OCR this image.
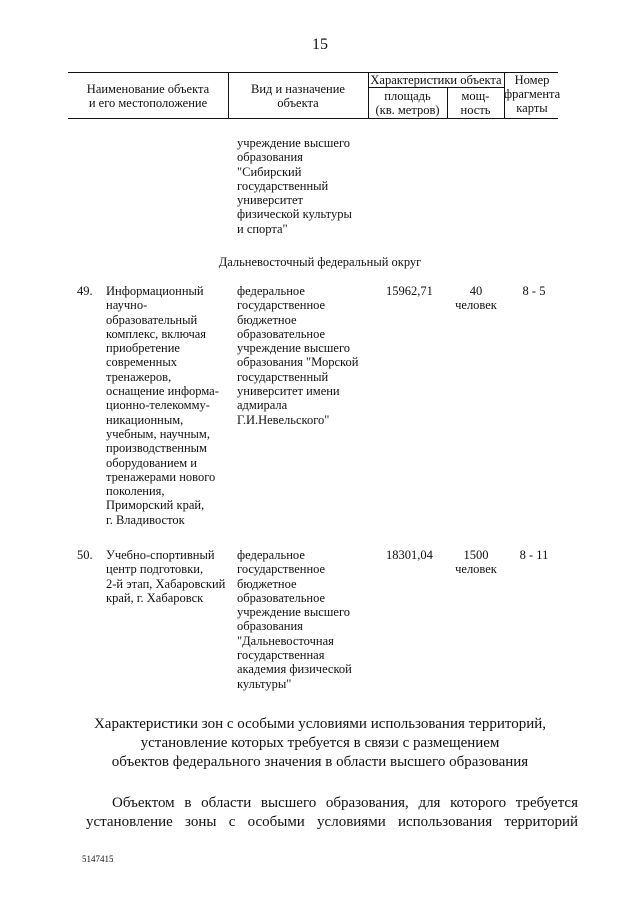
15
Наименование объекта
и его местоположение
Вид и назначение
объекта
Характеристики объекта
площадь
(кв. метров)
мощ-
ность
Номер
фрагмента
карты
учреждение высшего
образования
"Сибирский
государственный
университет
физической культуры
и спорта"
Дальневосточный федеральный округ
49. Информационный
научно-
образовательный
комплекс, включая
приобретение
современных
тренажеров,
оснащение информа-
ционно-телекомму-
никационным,
учебным, научным,
производственным
оборудованием и
тренажерами нового
поколения,
Приморский край,
г. Владивосток
федеральное
государственное
бюджетное
образовательное
учреждение высшего
образования "Морской
государственный
университет имени
адмирала
Г.И.Невельского"
15962,71	40
человек
8 - 5
50. Учебно-спортивный
центр подготовки,
2-й этап, Хабаровский
край, г. Хабаровск
федеральное
государственное
бюджетное
образовательное
учреждение высшего
образования
"Дальневосточная
государственная
академия физической
культуры"
18301,04	1500
человек
8 - 11
Характеристики зон с особыми условиями использования территорий,
установление которых требуется в связи с размещением
объектов федерального значения в области высшего образования
Объектом в области высшего образования, для которого требуется
установление зоны с особыми условиями использования территорий
5147415
